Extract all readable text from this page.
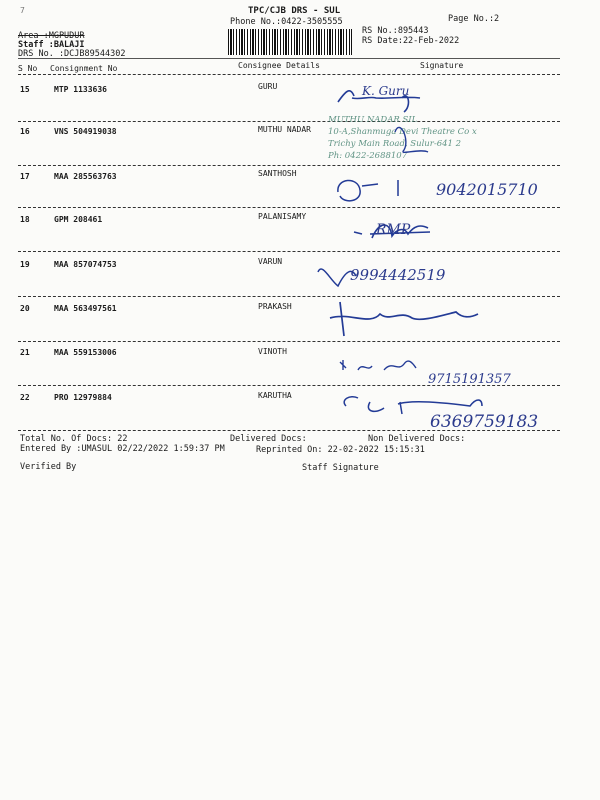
7	TPC/CJB DRS - SUL
Phone No.:0422-3505555	Page No.:2
RS No.:895443
RS Date:22-Feb-2022
Area :MGPUDUR
Staff :BALAJI
DRS No. :DCJB89544302
S No Consignment No	Consignee Details	Signature
15	MTP 1133636	GURU
16	VNS 504919038	MUTHU NADAR
17	MAA 285563763	SANTHOSH
18	GPM 208461	PALANISAMY
19	MAA 857074753	VARUN
20	MAA 563497561	PRAKASH
21	MAA 559153006	VINOTH
22	PRO 12979884	KARUTHA
MUTHU NADAR SIL
10-A,Shanmuga Devi Theatre Co x
Trichy Main Road, Sulur-641 2
Ph: 0422-2688107
9042015710
RMP
9994442519
9715191357
6369759183
K. Guru
Total No. Of Docs: 22	Delivered Docs:	Non Delivered Docs:
Entered By :UMASUL 02/22/2022 1:59:37 PM	Reprinted On: 22-02-2022 15:15:31
Verified By	Staff Signature
